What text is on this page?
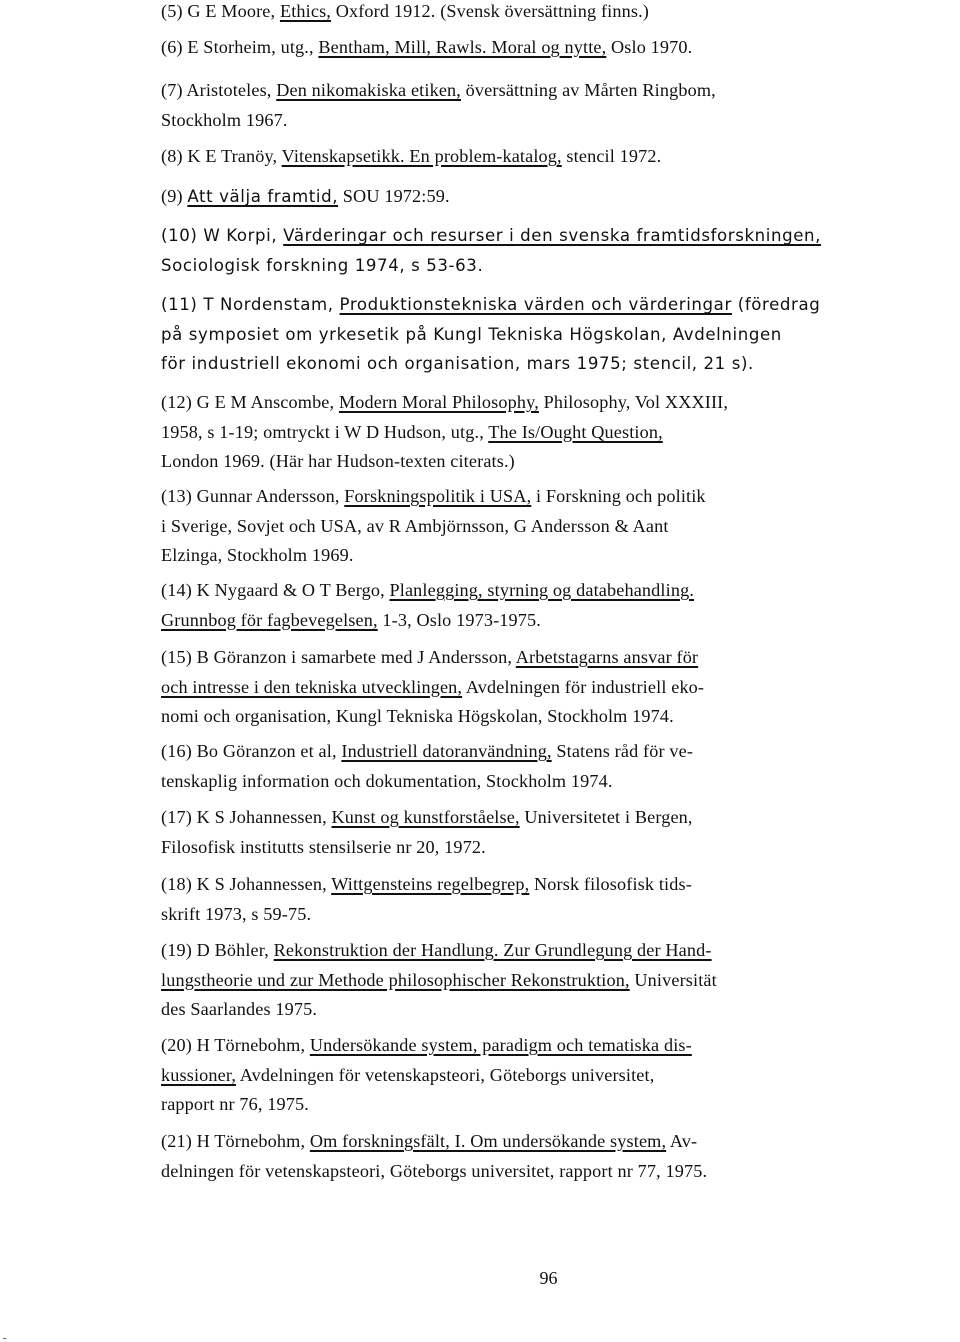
(5) G E Moore, Ethics, Oxford 1912. (Svensk översättning finns.)
(6) E Storheim, utg., Bentham, Mill, Rawls. Moral og nytte, Oslo 1970.
(7) Aristoteles, Den nikomakiska etiken, översättning av Mårten Ringbom,
Stockholm 1967.
(8) K E Tranöy, Vitenskapsetikk. En problem-katalog, stencil 1972.
(9) Att välja framtid, SOU 1972:59.
(10) W Korpi, Värderingar och resurser i den svenska framtidsforskningen,
Sociologisk forskning 1974, s 53-63.
(11) T Nordenstam, Produktionstekniska värden och värderingar (föredrag
på symposiet om yrkesetik på Kungl Tekniska Högskolan, Avdelningen
för industriell ekonomi och organisation, mars 1975; stencil, 21 s).
(12) G E M Anscombe, Modern Moral Philosophy, Philosophy, Vol XXXIII,
1958, s 1-19; omtryckt i W D Hudson, utg., The Is/Ought Question,
London 1969. (Här har Hudson-texten citerats.)
(13) Gunnar Andersson, Forskningspolitik i USA, i Forskning och politik
i Sverige, Sovjet och USA, av R Ambjörnsson, G Andersson & Aant
Elzinga, Stockholm 1969.
(14) K Nygaard & O T Bergo, Planlegging, styrning og databehandling.
Grunnbog för fagbevegelsen, 1-3, Oslo 1973-1975.
(15) B Göranzon i samarbete med J Andersson, Arbetstagarns ansvar för
och intresse i den tekniska utvecklingen, Avdelningen för industriell eko-
nomi och organisation, Kungl Tekniska Högskolan, Stockholm 1974.
(16) Bo Göranzon et al, Industriell datoranvändning, Statens råd för ve-
tenskaplig information och dokumentation, Stockholm 1974.
(17) K S Johannessen, Kunst og kunstforståelse, Universitetet i Bergen,
Filosofisk institutts stensilserie nr 20, 1972.
(18) K S Johannessen, Wittgensteins regelbegrep, Norsk filosofisk tids-
skrift 1973, s 59-75.
(19) D Böhler, Rekonstruktion der Handlung. Zur Grundlegung der Hand-
lungstheorie und zur Methode philosophischer Rekonstruktion, Universität
des Saarlandes 1975.
(20) H Törnebohm, Undersökande system, paradigm och tematiska dis-
kussioner, Avdelningen för vetenskapsteori, Göteborgs universitet,
rapport nr 76, 1975.
(21) H Törnebohm, Om forskningsfält, I. Om undersökande system, Av-
delningen för vetenskapsteori, Göteborgs universitet, rapport nr 77, 1975.
96
ـ
